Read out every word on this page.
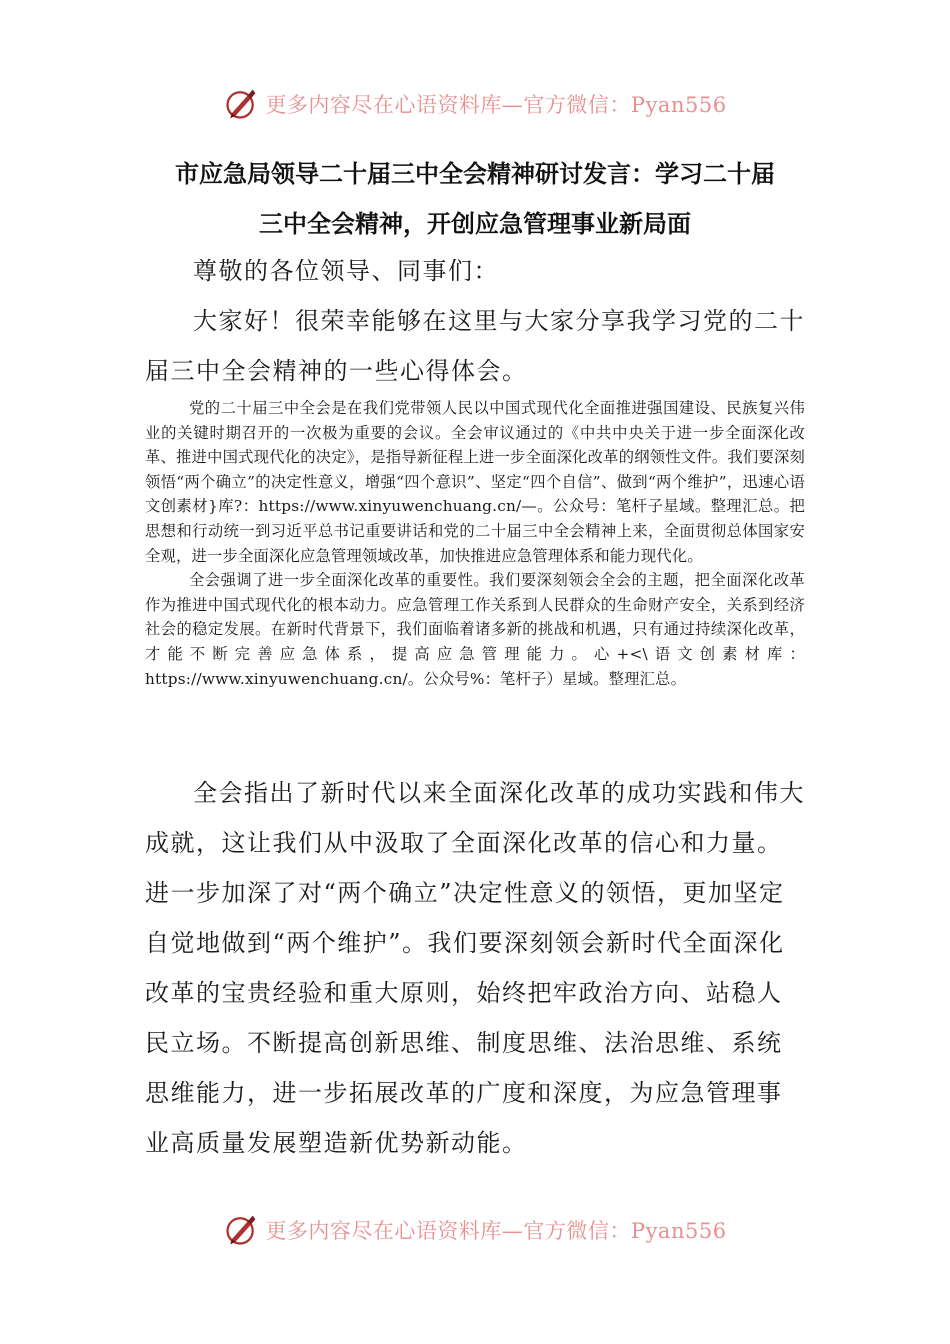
更多内容尽在心语资料库—官方微信：Pyan556
市应急局领导二十届三中全会精神研讨发言：学习二十届
三中全会精神，开创应急管理事业新局面

尊敬的各位领导、同事们：

大家好！很荣幸能够在这里与大家分享我学习党的二十届三中全会精神的一些心得体会。

党的二十届三中全会是在我们党带领人民以中国式现代化全面推进强国建设、民族复兴伟业的关键时期召开的一次极为重要的会议。全会审议通过的《中共中央关于进一步全面深化改革、推进中国式现代化的决定》，是指导新征程上进一步全面深化改革的纲领性文件。我们要深刻领悟“两个确立”的决定性意义，增强“四个意识”、坚定“四个自信”、做到“两个维护”，迅速心语文创素材}库?：https://www.xinyuwenchuang.cn/—。公众号：笔杆子星域。整理汇总。把思想和行动统一到习近平总书记重要讲话和党的二十届三中全会精神上来，全面贯彻总体国家安全观，进一步全面深化应急管理领域改革，加快推进应急管理体系和能力现代化。

全会强调了进一步全面深化改革的重要性。我们要深刻领会全会的主题，把全面深化改革作为推进中国式现代化的根本动力。应急管理工作关系到人民群众的生命财产安全，关系到经济社会的稳定发展。在新时代背景下，我们面临着诸多新的挑战和机遇，只有通过持续深化改革，才能不断完善应急体系，提高应急管理能力。心+<\语文创素材库：https://www.xinyuwenchuang.cn/。公众号%：笔杆子）星域。整理汇总。

全会指出了新时代以来全面深化改革的成功实践和伟大成就，这让我们从中汲取了全面深化改革的信心和力量。进一步加深了对“两个确立”决定性意义的领悟，更加坚定自觉地做到“两个维护”。我们要深刻领会新时代全面深化改革的宝贵经验和重大原则，始终把牢政治方向、站稳人民立场。不断提高创新思维、制度思维、法治思维、系统思维能力，进一步拓展改革的广度和深度，为应急管理事业高质量发展塑造新优势新动能。

更多内容尽在心语资料库—官方微信：Pyan556
